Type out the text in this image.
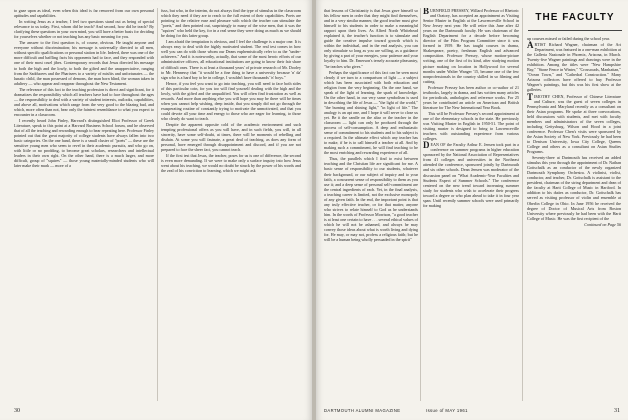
to gaze upon as ideal, even when this ideal is far removed from our own personal aptitudes and capabilities.

In writing Jesus as a teacher, I feel two questions stand out as being of special relevance to us today. First, whom did he teach? And second, how did he teach? By clarifying these questions in your own mind, you will have a better basis for deciding for yourselves whether or not teaching has any basic meaning for you.

The answer to the first question is, of course, obvious. He taught anyone and everyone without discrimination; his message is universally directed to all men, without specific qualifications or personal station in life. Indeed, there was one of the more difficult and baffling facts his opponents had to face, and they responded with one of their most cruel jibes. Contemporary records that Jesus directed his message to both the high and the lowly, to both the gifted and the unappreciative, ranging from the Sadducees and the Pharisees to a variety of misfits and unfortunates — the lunatic child, the man possessed of demons, the man born blind, the woman taken in adultery — who appear and reappear throughout the New Testament.

The relevance of this fact to the teaching profession is direct and significant, for it dramatizes the responsibility which all teachers have had to face throughout the ages — the responsibility to deal with a variety of student interests, outlooks, capabilities, and above all, motivations which range from the very good to the blazing bad, and which, more often than not, bear only the faintest resemblance to what you expect to encounter in a classroom.

I recently heard John Finley, Harvard's distinguished Eliot Professor of Greek Literature, speak to this point at a Harvard Business School forum, and he observed that of all the teaching and rewarding enough to bear repeating here. Professor Finley pointed out that the great majority of college students have always fallen into two basic categories. On the one hand, there is a small cluster of "poets" — these are the sensitive young men who seem to revel in their academic pursuits, and who go on, with little or no prodding, to become great scholars, researchers and intellectual leaders in their own right. On the other hand, there is a much larger, and more difficult, group of "squires" — those young materially-minded students who will later make their mark — more of a

fuss, but who, in the interim, do not always find the type of stimulus in the classroom which they need if they are to reach to the full extent of their capabilities. Poets are pointing to the relative ease and pleasure with which the teacher can stimulate the "poets," and then pointed out, surprisingly to many of the wise men, that it was the "squires" who held the key, for in a real sense they were doing as much as we should be doing for this latter group.

I am afraid the temptation is obvious, and I feel the challenge is a major one. It is always easy to deal with the highly motivated student. The real test comes in how well you can do with those whom our Deans euphemistically refer to as the "under-achievers." And it is noteworthy, actually, that some of the most heroic efforts of our administrative officers, all educational institutions are going to know their fair share of difficult ones. There is at least a thousand years' of private research of Mr. Dooley to Mr. Hennessy that "it would be a fine thing to have a university because 'n' da' sign who is a hard boy to be in college, I wouldn't have thousands' 'n' boys."

Hence, if you feel you want to go into teaching, you will need to face both sides of this particular coin, for you too will find yourself dealing with the high and the lowly, with the gifted and the unqualified. You will often find frustration as well as rewards. And more than anything else you will hope you may be there will be times when you cannot help wishing, deep inside, that you simply did not go through the exasperating routine of constantly trying to motivate the unmotivated, and that you could devote all your time and energy to those who are eager for learning, to those who clearly do want to teach.

Despite the apparent opposite cold of the academic environment and such tempting professional offers as you will have, and in such fields, you will, in all sincerity, have some self-doubt, at times, there will be moments of rebelling and disdain. At some you will fastnate, a great deal of teaching, as does any form of personal, have emerged through disappointment and discord, and if you are not prepared to face the sheer fact, you cannot teach.

If the first test that Jesus, the teacher, poses for us is one of difference, the second is even more demanding. If we were to make only a surface inquiry into how Jesus went about his teaching, we would no doubt be struck by the power of his words and the zeal of his conviction to learning, which we might ask

30

that lessons of Christianity is that Jesus gave himself so his fellow men in order that they might find themselves, and in a very similar manner, the good teacher must give himself to his students in order to make a meaningful rapport upon their lives. As Alfred North Whitehead explained it, the teacher's function is to stimulate and guide the creative impulse toward growth which is within the individual, and in the end analysis, you can only stimulate so long as you are willing, as a guidance by giving a part of your energies, your patience and your loyalty to him. Dr. Emerson's tersely accurate pleasantry, "he teaches who gives."

Perhaps the significance of this fact can be seen most clearly if we turn to a comparison of light — a subject which has been associated with both education and religion from the very beginning. On the one hand, we speak of the light of learning, the spark of knowledge. On the other hand, in our very same symbolism is used in describing the life of Jesus — "the light of the world," "the burning and shining light," "in light of life." The analogy is an apt one, and I hope it will serve to close us yet. Be it the candle on the altar or the teacher in the classroom — light can only be produced through the process of self-consumption. A deep and enthusiastic sense of commitment to his students and to his subject is a required. In the ultimate effect which any teacher has to make, if he is to call himself a teacher at all. And by making such a commitment, he will find teaching to be the most enriching and rewarding experience of all.

Thus, the parallels which I find to exist between teaching and the Christian life are significant for me. A basic sense of responsibility to our students, whatever their background, or our subject of inquiry and to your faith, a concurrent sense of responsibility to them as you use it; and a deep sense of personal self-commitment are the central ingredients of each. Yet, in the final analysis, a teaching career is limited, not the exclusive monopoly of any given faith. In the end, the important point is that any truly effective teacher, or for that matter, anyone who strives to relate himself to God as he understands him. In the words of Professor Morrison, "a good teacher is at least one certain to have . . . several ethical values of which he will not be ashamed, and always he may convey those ideas about what is worth living and dying for. He may, or may not, profess a religious faith; but he will be a human being wholly persuaded in the spirit"

BURNFIELD PRESSEY, Willard Professor of Rhetoric and Oratory, has accepted an appointment as Visiting Senior Master in English at the Lawrenceville School in New Jersey next year. He will retire this June after 42 years on the Dartmouth faculty. He was chairman of the English Department for a decade before becoming director of the Film Program Committee since it was formed in 1959. He has taught courses in drama, Shakespeare, poetry, freshman English and advanced composition. Professor Pressey, whose motion-picture writing, one of the first of its kind, after studying motion picture making on location in Hollywood for several months under Walter Wanger '15, became one of the few nonprofessionals in the country skilled in so filming and cutting.

Professor Pressey has been author or co-author of 21 textbooks, largely in drama, and has written many articles for periodicals, anthologies and reference works. For 25 years he contributed an article on American and British literature for The New International Year Book.

This will be Professor Pressey's second appointment at one of the elementary schools in the state. He previously was Visiting Master in English in 1950-51. The point of visiting master is designed to bring to Lawrenceville teachers with outstanding experience from various colleges.

DEAN OF the Faculty Arthur E. Jensen took part in a conference on summer programs in higher education sponsored by the National Association of Representatives from 41 colleges and universities in the Northeast attended the conference, sponsored jointly by Dartmouth and six other schools. Dean Jensen was moderator of the discussion panel on "What Academic-Year Faculties and Students Expect of Summer Schools." The conference centered on the new trend toward increasing summer study for students who wish to accelerate their progress toward a degree or who plan ahead to take it in four year span. Until recently summer schools were used primarily for making

THE FACULTY

up courses missed or failed during the school year.

ARTIST Richard Wagner, chairman of the Art Department, was featured in a one-man exhibition at the Galleria Nazionale in Phoenix, Arizona, in March. Twenty-five Wagner paintings and drawings were in the exhibition. Among the titles were "New Hampshire Bay," "Stone Fence in Winter," "Crossroads, Manhattan," "Ocean Town," and "Cathedral Construction." Many Arizona collectors have offered to buy Professor Wagner's paintings, but this was his first show at the galleries.

TIMOTHY CHEN, Professor of Chinese Literature and Culture, was the guest of seven colleges in Pennsylvania and Maryland recently as a consultant on their Asian programs. He spoke at three convocations, held discussions with students, and met with faculty members and administrators of the seven colleges, including Gettysburg, Wilson and Hood in a joint conference. Professor Chen's visits were sponsored by the Asian Society of New York. Previously he had been to Denison University, Iowa City College, Queens College and others as a consultant on Asian Studies Programs.

Seventy-three at Dartmouth has received an added stimulus this year through the appointment of Dr. Nathan Gottschalk as an conductor of the newly organized Dartmouth Symphony Orchestra. A violinist, violist, conductor, and teacher, Dr. Gottschalk is assistant to the president, chairman of the string department and dean of the faculty at Hartt College of Music in Hartford. In addition to his duties as conductor, Dr. Gottschalk has served as visiting professor of violin and ensemble at Oberlin College in Ohio. In June 1956 he received the degree of Doctor of Musical Arts from Boston University where previously he had been with the Hartt College of Music. He was the first recipient of the

Continued on Page 56

DARTMOUTH ALUMNI MAGAZINE	Issue of MAY 1961	31
